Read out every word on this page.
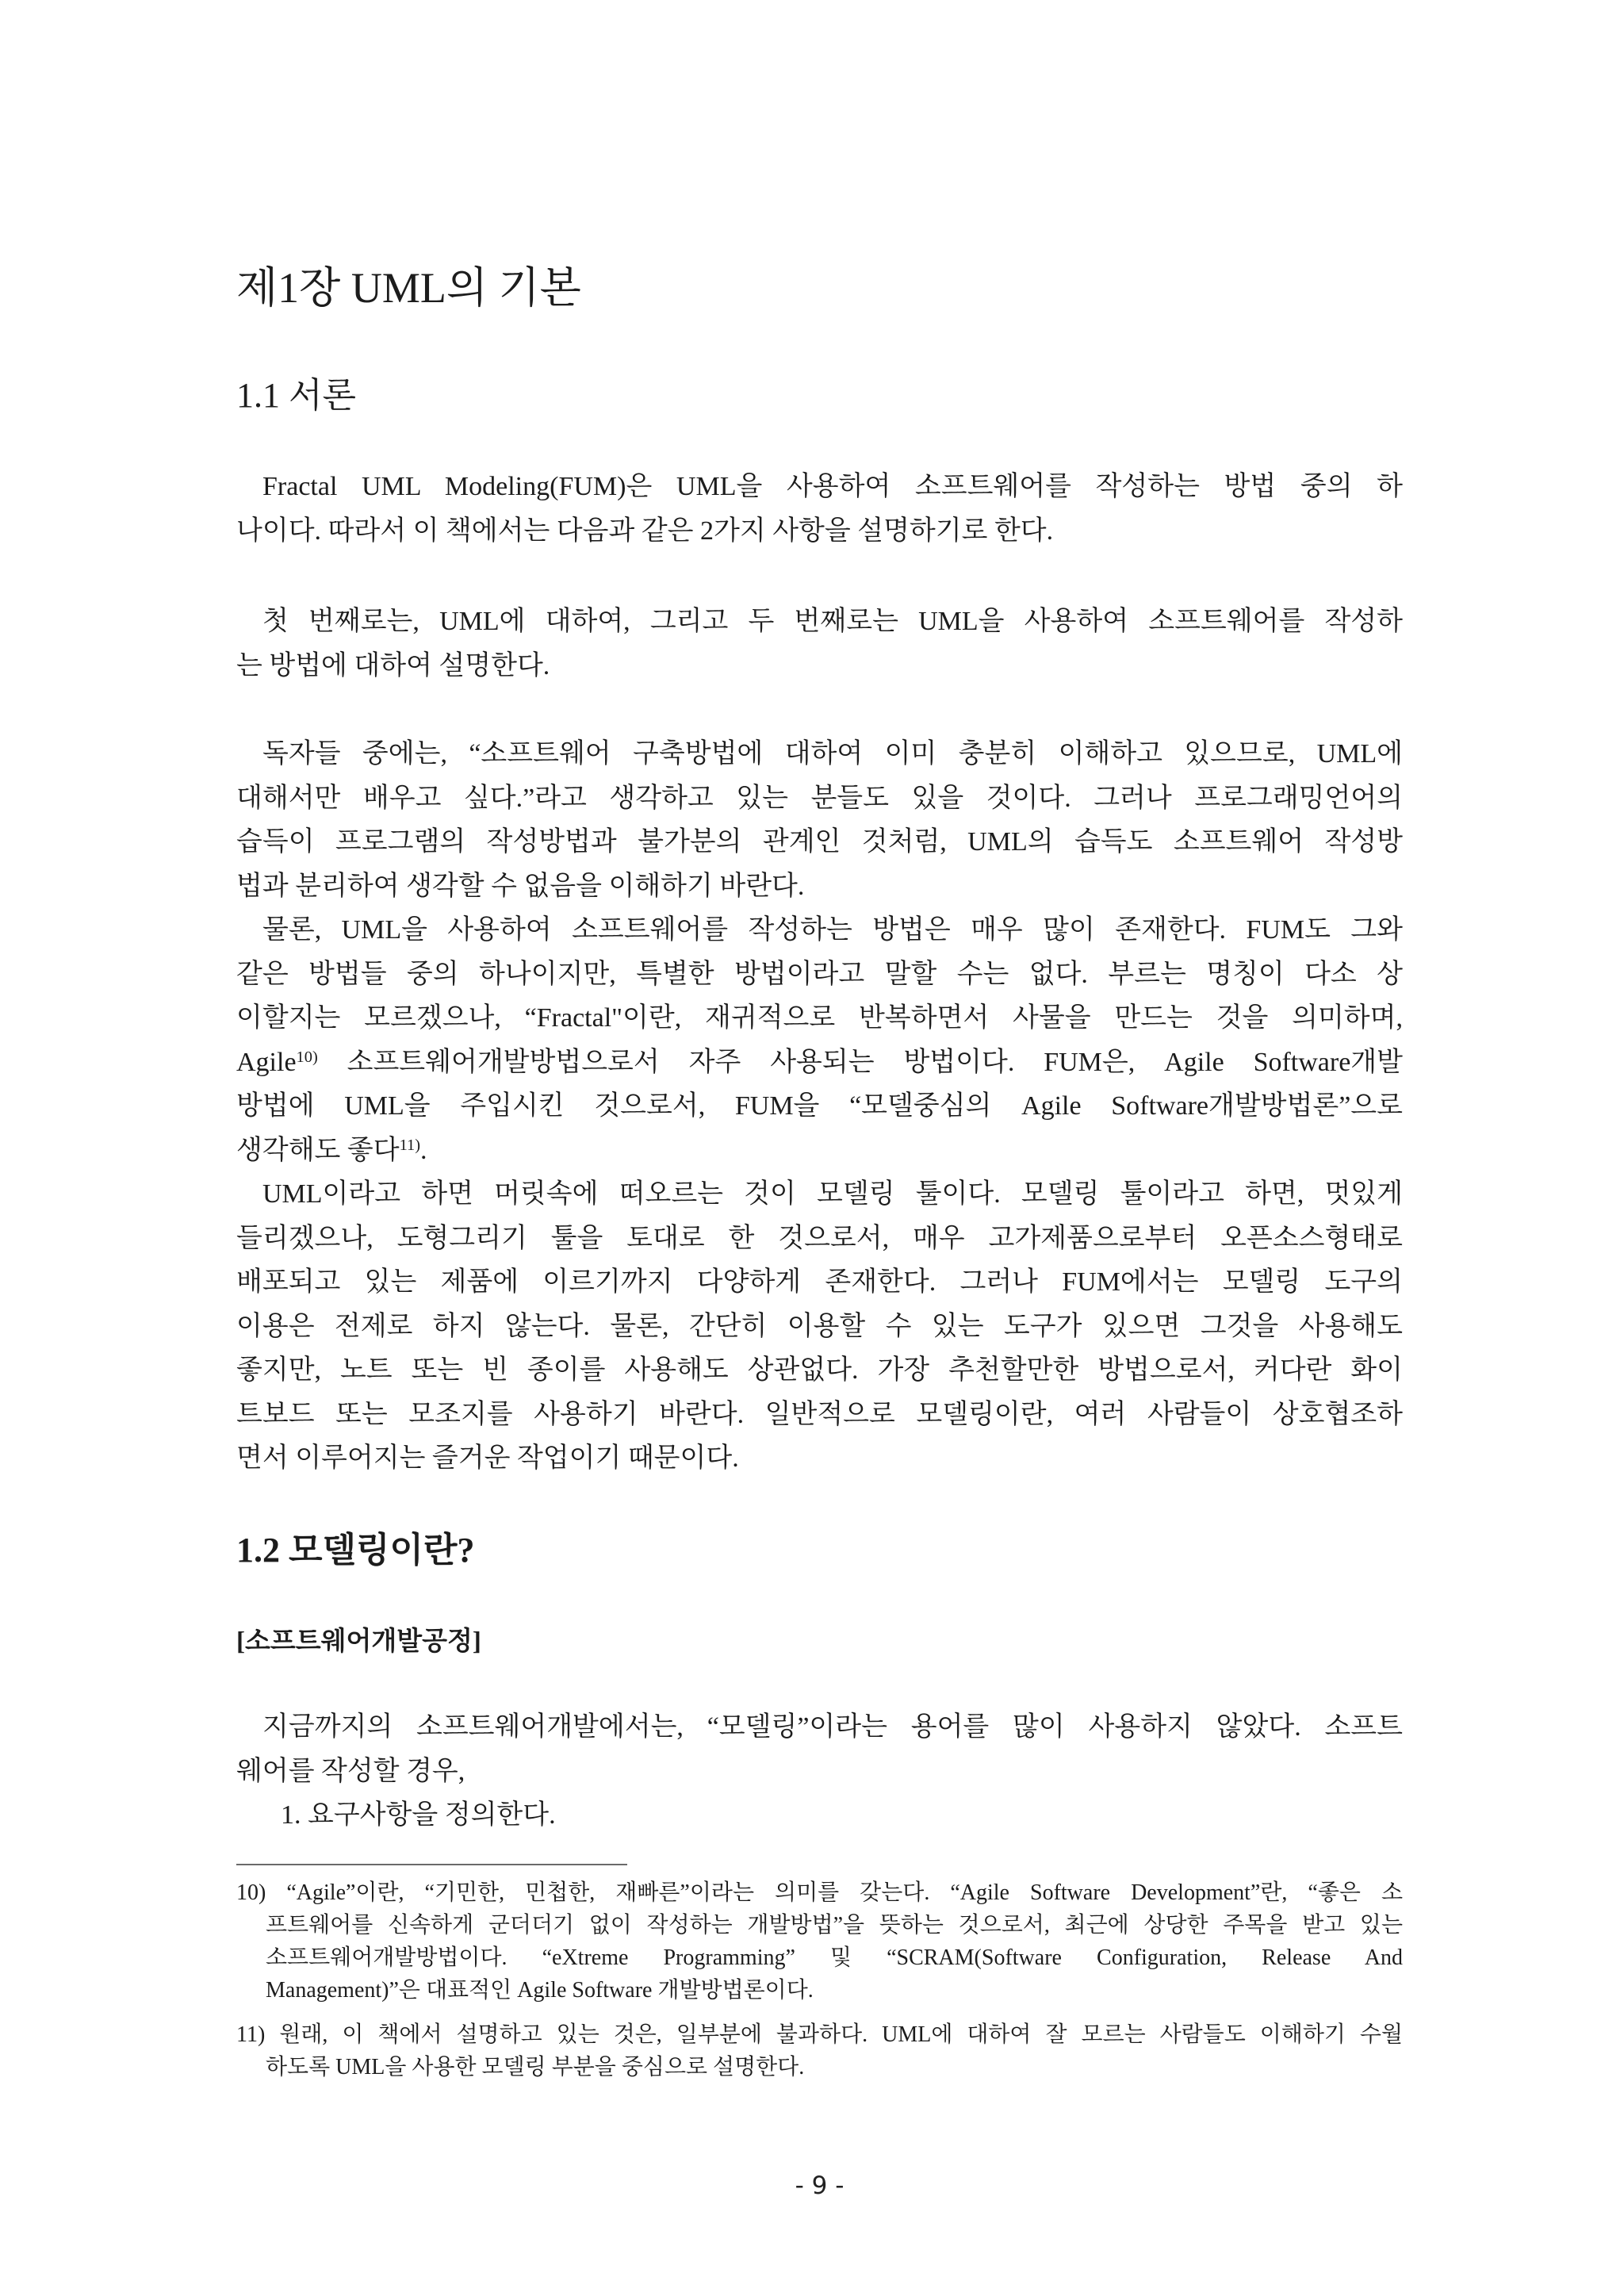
제1장 UML의 기본
1.1 서론
Fractal UML Modeling(FUM)은 UML을 사용하여 소프트웨어를 작성하는 방법 중의 하
나이다. 따라서 이 책에서는 다음과 같은 2가지 사항을 설명하기로 한다.
첫 번째로는, UML에 대하여, 그리고 두 번째로는 UML을 사용하여 소프트웨어를 작성하
는 방법에 대하여 설명한다.
독자들 중에는, “소프트웨어 구축방법에 대하여 이미 충분히 이해하고 있으므로, UML에
대해서만 배우고 싶다.”라고 생각하고 있는 분들도 있을 것이다. 그러나 프로그래밍언어의
습득이 프로그램의 작성방법과 불가분의 관계인 것처럼, UML의 습득도 소프트웨어 작성방
법과 분리하여 생각할 수 없음을 이해하기 바란다.
물론, UML을 사용하여 소프트웨어를 작성하는 방법은 매우 많이 존재한다. FUM도 그와
같은 방법들 중의 하나이지만, 특별한 방법이라고 말할 수는 없다. 부르는 명칭이 다소 상
이할지는 모르겠으나, “Fractal"이란, 재귀적으로 반복하면서 사물을 만드는 것을 의미하며,
Agile$^{10)}$ 소프트웨어개발방법으로서 자주 사용되는 방법이다. FUM은, Agile Software개발
방법에 UML을 주입시킨 것으로서, FUM을 “모델중심의 Agile Software개발방법론”으로
생각해도 좋다$^{11)}$.
UML이라고 하면 머릿속에 떠오르는 것이 모델링 툴이다. 모델링 툴이라고 하면, 멋있게
들리겠으나, 도형그리기 툴을 토대로 한 것으로서, 매우 고가제품으로부터 오픈소스형태로
배포되고 있는 제품에 이르기까지 다양하게 존재한다. 그러나 FUM에서는 모델링 도구의
이용은 전제로 하지 않는다. 물론, 간단히 이용할 수 있는 도구가 있으면 그것을 사용해도
좋지만, 노트 또는 빈 종이를 사용해도 상관없다. 가장 추천할만한 방법으로서, 커다란 화이
트보드 또는 모조지를 사용하기 바란다. 일반적으로 모델링이란, 여러 사람들이 상호협조하
면서 이루어지는 즐거운 작업이기 때문이다.
1.2 모델링이란?
[소프트웨어개발공정]
지금까지의 소프트웨어개발에서는, “모델링”이라는 용어를 많이 사용하지 않았다. 소프트
웨어를 작성할 경우,
1. 요구사항을 정의한다.
10) “Agile”이란, “기민한, 민첩한, 재빠른”이라는 의미를 갖는다. “Agile Software Development”란, “좋은 소
프트웨어를 신속하게 군더더기 없이 작성하는 개발방법”을 뜻하는 것으로서, 최근에 상당한 주목을 받고 있는
소프트웨어개발방법이다. “eXtreme Programming” 및 “SCRAM(Software Configuration, Release And
Management)”은 대표적인 Agile Software 개발방법론이다.
11) 원래, 이 책에서 설명하고 있는 것은, 일부분에 불과하다. UML에 대하여 잘 모르는 사람들도 이해하기 수월
하도록 UML을 사용한 모델링 부분을 중심으로 설명한다.
- 9 -
